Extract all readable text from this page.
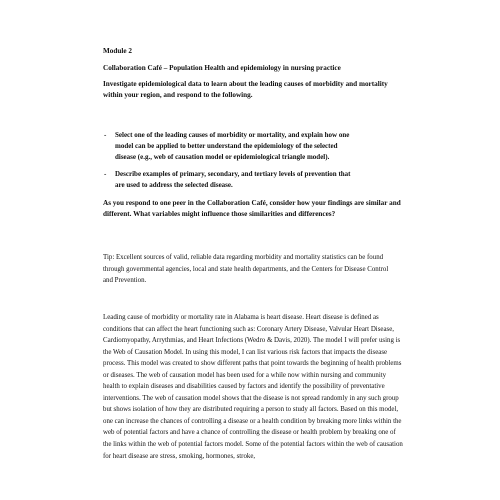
Module 2
Collaboration Café – Population Health and epidemiology in nursing practice
Investigate epidemiological data to learn about the leading causes of morbidity and mortality within your region, and respond to the following.
- Select one of the leading causes of morbidity or mortality, and explain how one model can be applied to better understand the epidemiology of the selected disease (e.g., web of causation model or epidemiological triangle model).
- Describe examples of primary, secondary, and tertiary levels of prevention that are used to address the selected disease.
As you respond to one peer in the Collaboration Café, consider how your findings are similar and different. What variables might influence those similarities and differences?
Tip: Excellent sources of valid, reliable data regarding morbidity and mortality statistics can be found through governmental agencies, local and state health departments, and the Centers for Disease Control and Prevention.
Leading cause of morbidity or mortality rate in Alabama is heart disease. Heart disease is defined as conditions that can affect the heart functioning such as: Coronary Artery Disease, Valvular Heart Disease, Cardiomyopathy, Arrythmias, and Heart Infections (Wedro & Davis, 2020). The model I will prefer using is the Web of Causation Model. In using this model, I can list various risk factors that impacts the disease process. This model was created to show different paths that point towards the beginning of health problems or diseases. The web of causation model has been used for a while now within nursing and community health to explain diseases and disabilities caused by factors and identify the possibility of preventative interventions. The web of causation model shows that the disease is not spread randomly in any such group but shows isolation of how they are distributed requiring a person to study all factors. Based on this model, one can increase the chances of controlling a disease or a health condition by breaking more links within the web of potential factors and have a chance of controlling the disease or health problem by breaking one of the links within the web of potential factors model. Some of the potential factors within the web of causation for heart disease are stress, smoking, hormones, stroke,
